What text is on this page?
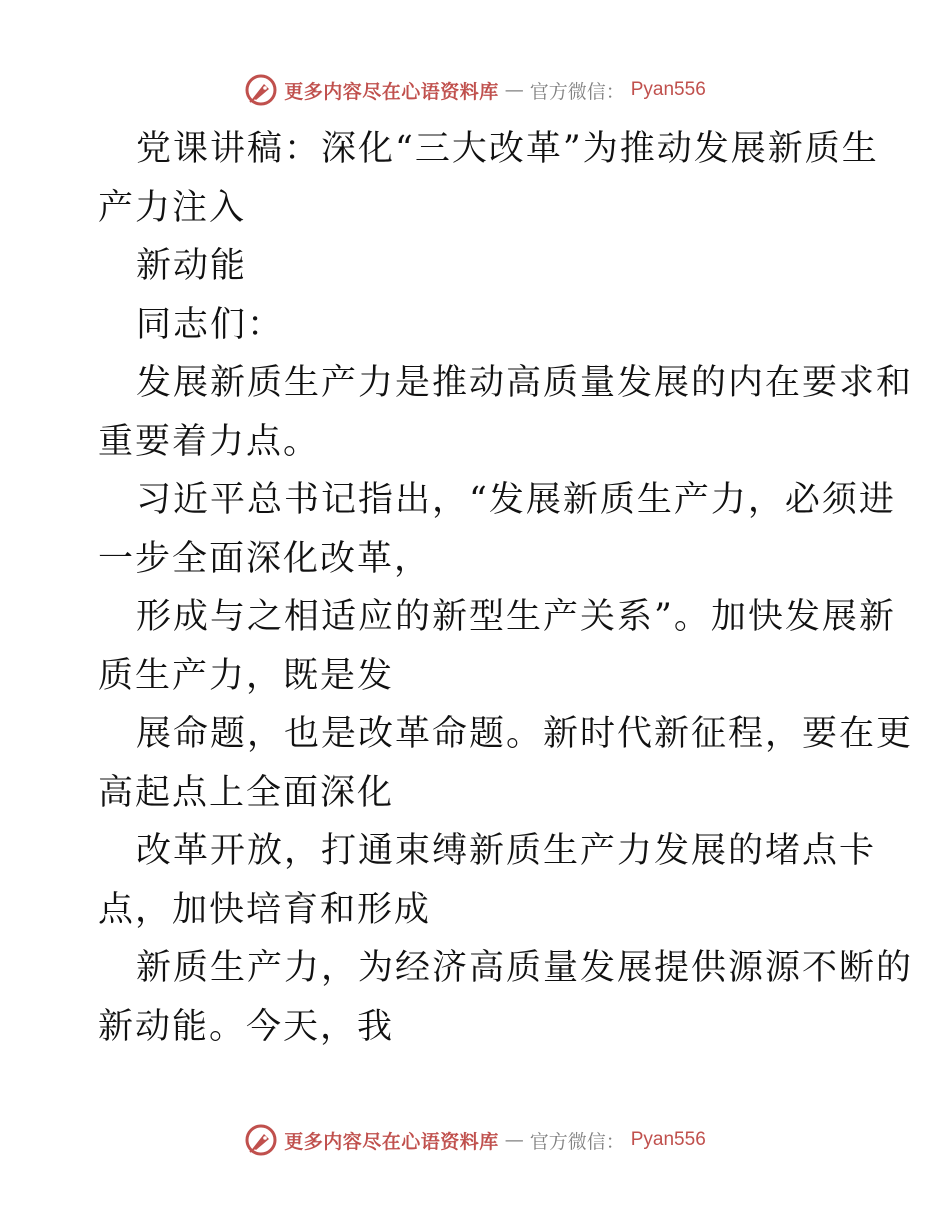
更多内容尽在心语资料库 — 官方微信： Pyan556
党课讲稿：深化“三大改革”为推动发展新质生
产力注入
新动能
同志们：
发展新质生产力是推动高质量发展的内在要求和
重要着力点。
习近平总书记指出，“发展新质生产力，必须进
一步全面深化改革，
形成与之相适应的新型生产关系”。加快发展新
质生产力，既是发
展命题，也是改革命题。新时代新征程，要在更
高起点上全面深化
改革开放，打通束缚新质生产力发展的堵点卡
点，加快培育和形成
新质生产力，为经济高质量发展提供源源不断的
新动能。今天，我
更多内容尽在心语资料库 — 官方微信： Pyan556
